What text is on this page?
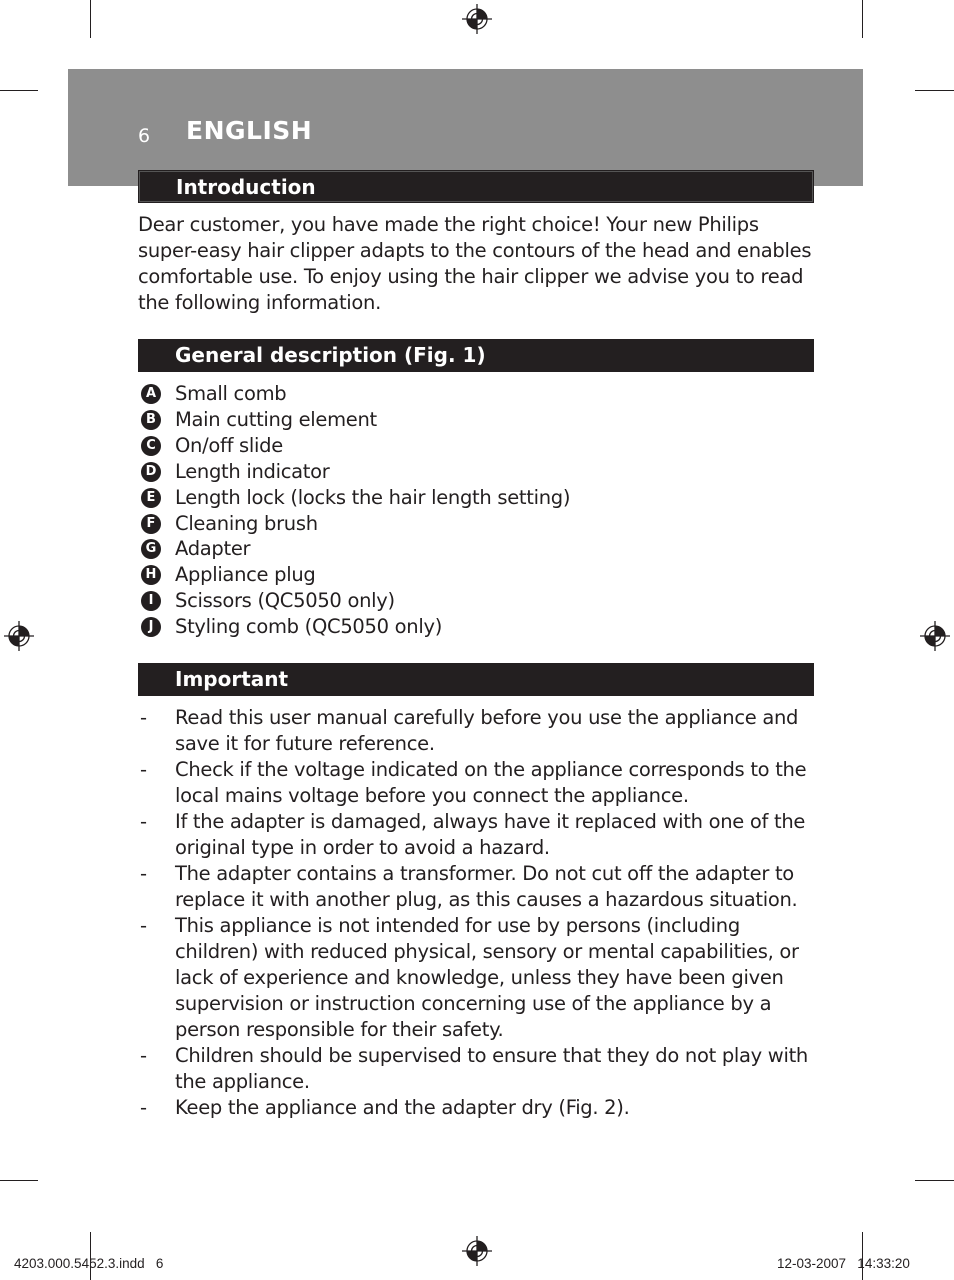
6 ENGLISH
Introduction

Dear customer, you have made the right choice! Your new Philips super-easy hair clipper adapts to the contours of the head and enables comfortable use. To enjoy using the hair clipper we advise you to read the following information.

General description (Fig. 1)
A Small comb
B Main cutting element
C On/off slide
D Length indicator
E Length lock (locks the hair length setting)
F Cleaning brush
G Adapter
H Appliance plug
I	Scissors (QC5050 only)
J	Styling comb (QC5050 only)
Important
- Read this user manual carefully before you use the appliance and save it for future reference.
- Check if the voltage indicated on the appliance corresponds to the local mains voltage before you connect the appliance.
- If the adapter is damaged, always have it replaced with one of the original type in order to avoid a hazard.
- The adapter contains a transformer. Do not cut off the adapter to replace it with another plug, as this causes a hazardous situation.
- This appliance is not intended for use by persons (including children) with reduced physical, sensory or mental capabilities, or lack of experience and knowledge, unless they have been given supervision or instruction concerning use of the appliance by a person responsible for their safety.
- Children should be supervised to ensure that they do not play with the appliance.
- Keep the appliance and the adapter dry (Fig. 2).
4203.000.5452.3.indd   6	12-03-2007   14:33:20
